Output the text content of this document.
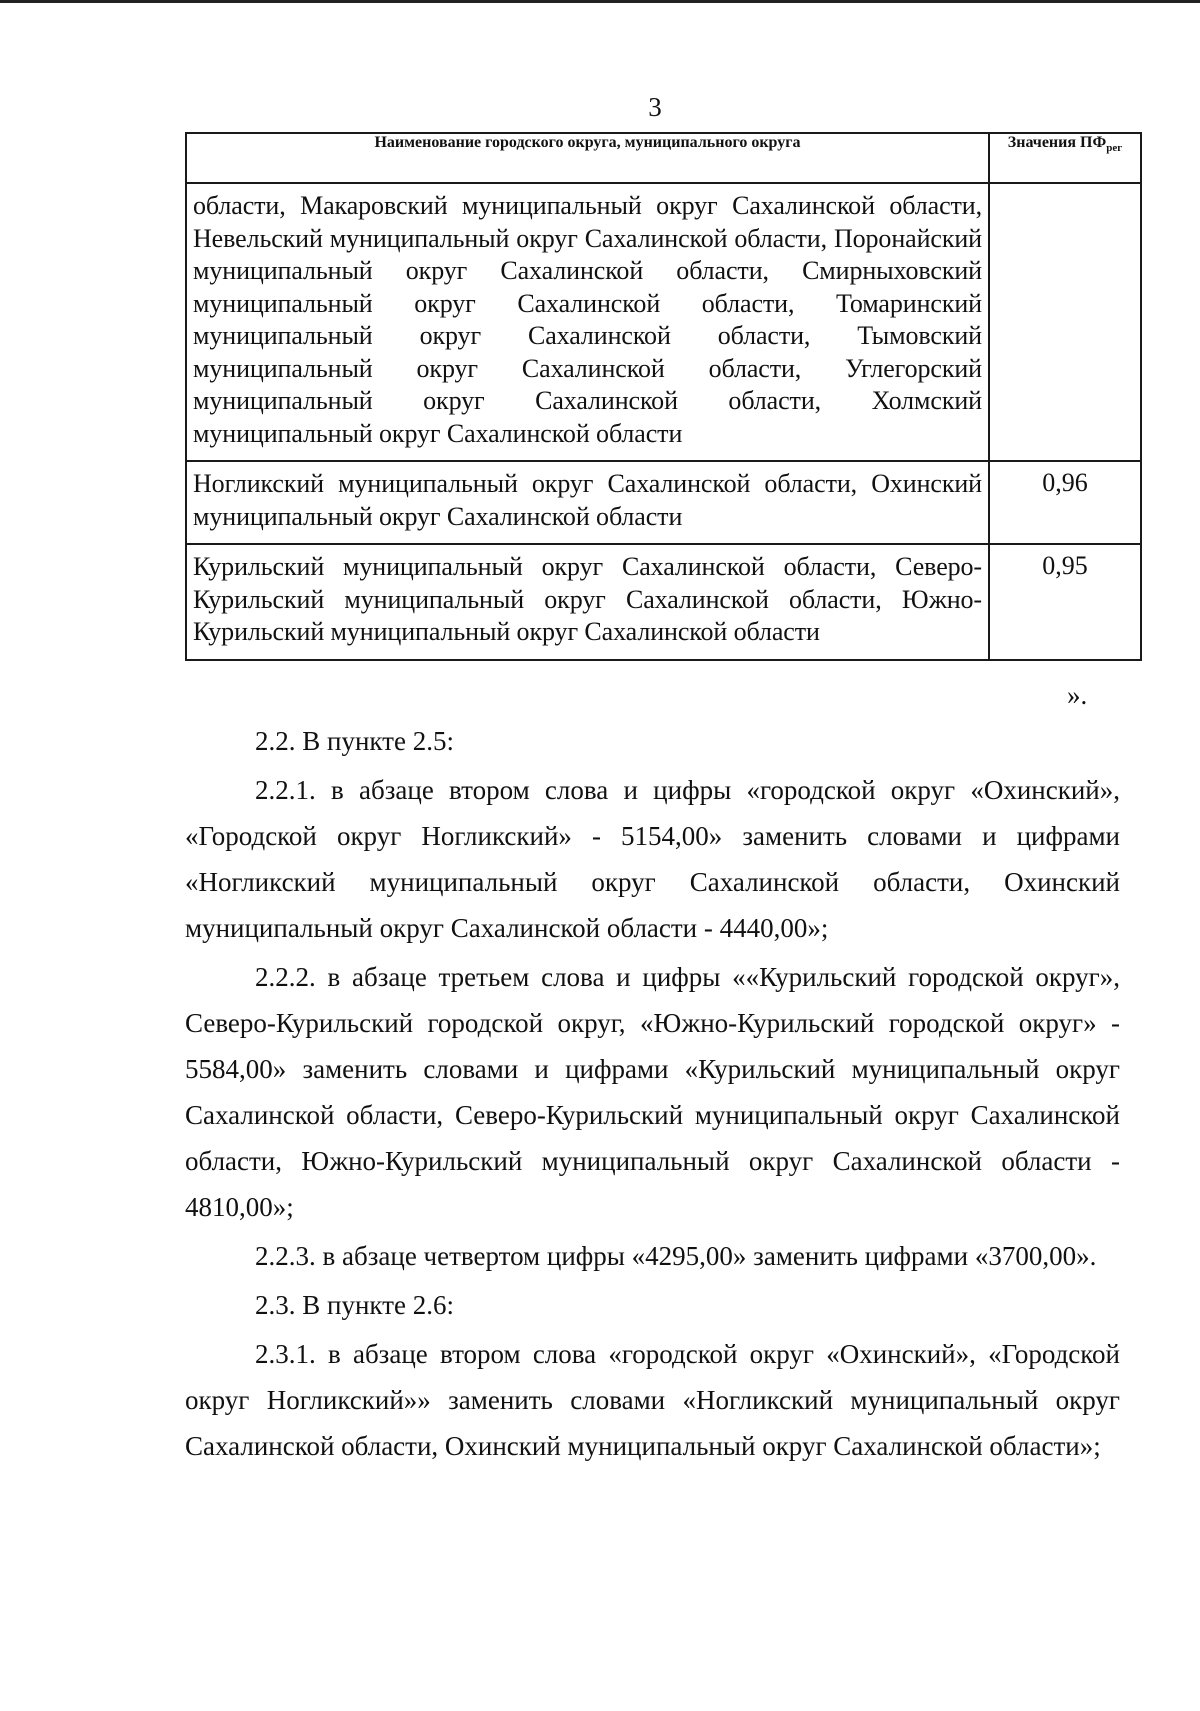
3
Наименование городского округа, муниципального округа	Значения $ПФ_{рег}$
области, Макаровский муниципальный округ Сахалинской области, Невельский муниципальный округ Сахалинской области, Поронайский муниципальный округ Сахалинской области, Смирныховский муниципальный округ Сахалинской области, Томаринский муниципальный округ Сахалинской области, Тымовский муниципальный округ Сахалинской области, Углегорский муниципальный округ Сахалинской области, Холмский муниципальный округ Сахалинской области	
Ногликский муниципальный округ Сахалинской области, Охинский муниципальный округ Сахалинской области	0,96
Курильский муниципальный округ Сахалинской области, Северо-Курильский муниципальный округ Сахалинской области, Южно-Курильский муниципальный округ Сахалинской области	0,95
».

2.2. В пункте 2.5:

2.2.1. в абзаце втором слова и цифры «городской округ «Охинский», «Городской округ Ногликский» - 5154,00» заменить словами и цифрами «Ногликский муниципальный округ Сахалинской области, Охинский муниципальный округ Сахалинской области - 4440,00»;

2.2.2. в абзаце третьем слова и цифры ««Курильский городской округ», Северо-Курильский городской округ, «Южно-Курильский городской округ» - 5584,00» заменить словами и цифрами «Курильский муниципальный округ Сахалинской области, Северо-Курильский муниципальный округ Сахалинской области, Южно-Курильский муниципальный округ Сахалинской области - 4810,00»;

2.2.3. в абзаце четвертом цифры «4295,00» заменить цифрами «3700,00».

2.3. В пункте 2.6:

2.3.1. в абзаце втором слова «городской округ «Охинский», «Городской округ Ногликский»» заменить словами «Ногликский муниципальный округ Сахалинской области, Охинский муниципальный округ Сахалинской области»;
